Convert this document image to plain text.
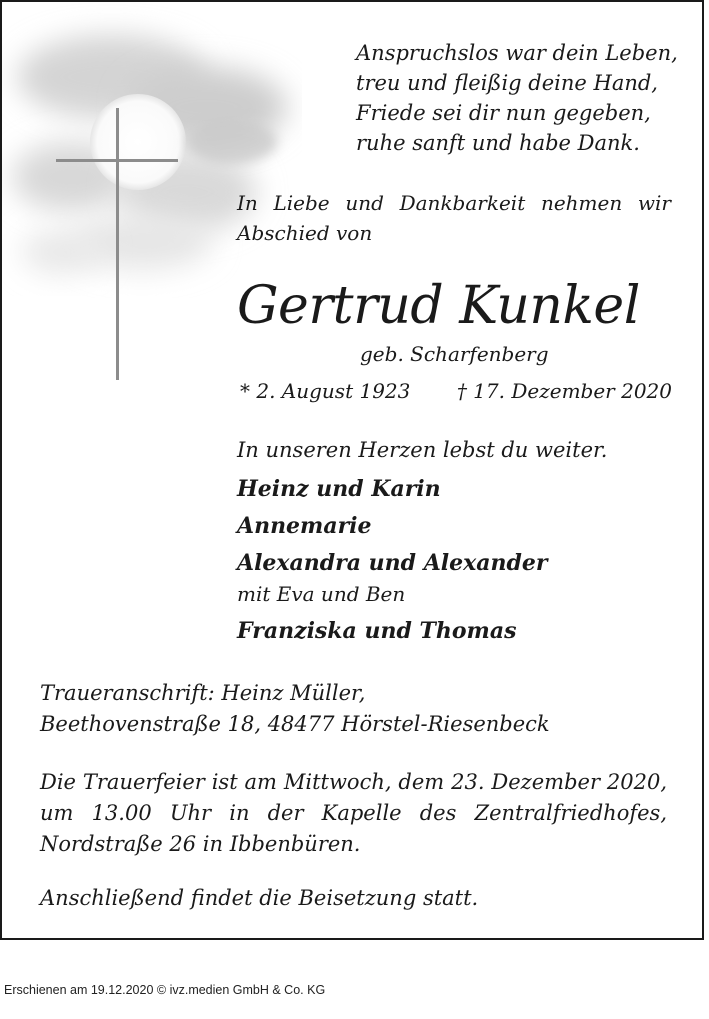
Anspruchslos war dein Leben,
treu und fleißig deine Hand,
Friede sei dir nun gegeben,
ruhe sanft und habe Dank.
In Liebe und Dankbarkeit nehmen wir
Abschied von
Gertrud Kunkel
geb. Scharfenberg
* 2. August 1923 † 17. Dezember 2020
In unseren Herzen lebst du weiter.
Heinz und Karin
Annemarie
Alexandra und Alexander
mit Eva und Ben
Franziska und Thomas
Traueranschrift: Heinz Müller,
Beethovenstraße 18, 48477 Hörstel-Riesenbeck
Die Trauerfeier ist am Mittwoch, dem 23. Dezember 2020,
um 13.00 Uhr in der Kapelle des Zentralfriedhofes,
Nordstraße 26 in Ibbenbüren.
Anschließend findet die Beisetzung statt.
Erschienen am 19.12.2020 © ivz.medien GmbH & Co. KG
